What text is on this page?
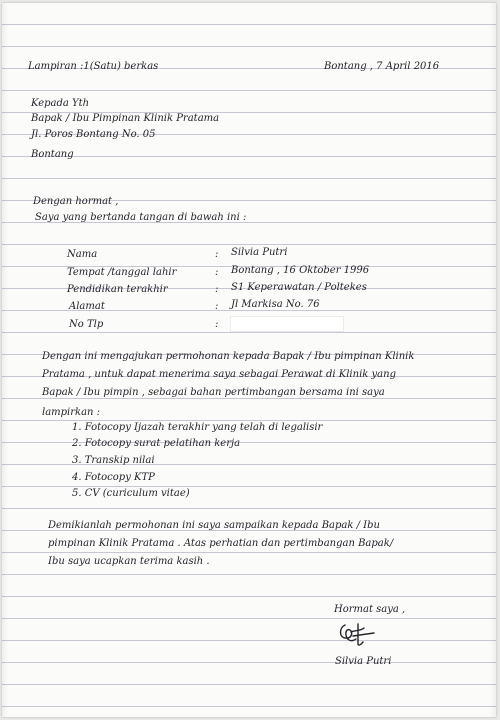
Lampiran :1(Satu) berkas	Bontang , 7 April 2016
Kepada Yth
Bapak / Ibu Pimpinan Klinik Pratama
Jl. Poros Bontang No. 05
Bontang
Dengan hormat ,
Saya yang bertanda tangan di bawah ini :
Nama	: Silvia Putri
Tempat /tanggal lahir	: Bontang , 16 Oktober 1996
Pendidikan terakhir	: S1 Keperawatan / Poltekes
Alamat	: Jl Markisa No. 76
No Tlp	:
Dengan ini mengajukan permohonan kepada Bapak / Ibu pimpinan Klinik
Pratama , untuk dapat menerima saya sebagai Perawat di Klinik yang
Bapak / Ibu pimpin , sebagai bahan pertimbangan bersama ini saya
lampirkan :
1. Fotocopy Ijazah terakhir yang telah di legalisir
2. Fotocopy surat pelatihan kerja
3. Transkip nilai
4. Fotocopy KTP
5. CV (curiculum vitae)
Demikianlah permohonan ini saya sampaikan kepada Bapak / Ibu
pimpinan Klinik Pratama . Atas perhatian dan pertimbangan Bapak/
Ibu saya ucapkan terima kasih .
Hormat saya ,
Silvia Putri
